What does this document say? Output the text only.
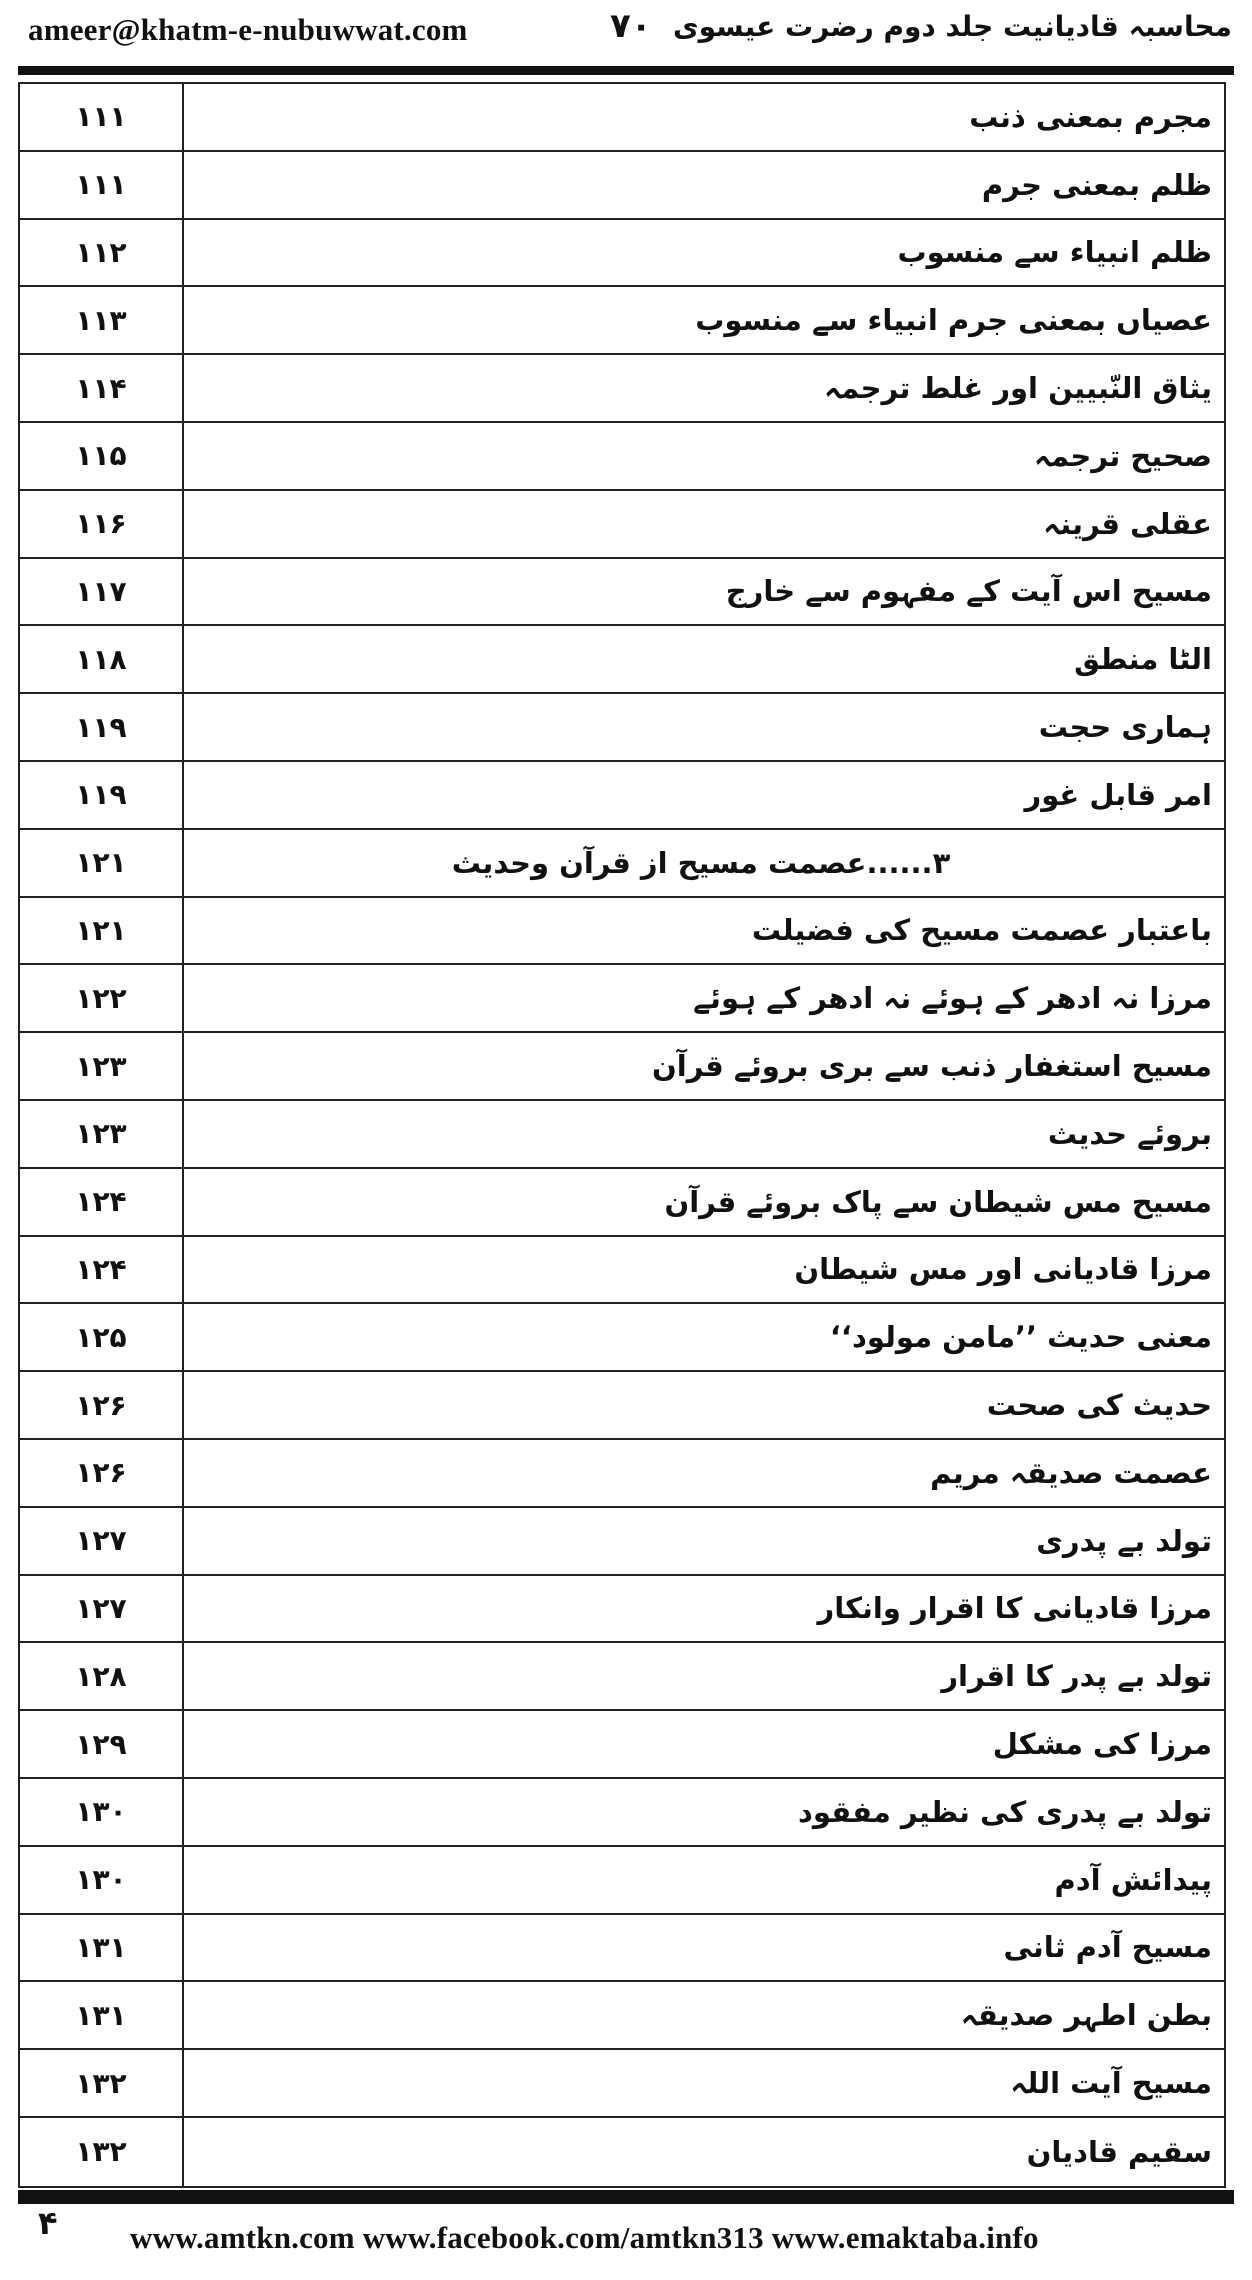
ameer@khatm-e-nubuwwat.com	۷۰ محاسبہ قادیانیت جلد دوم رضرت عیسوی
۱۱۱	مجرم بمعنی ذنب
۱۱۱	ظلم بمعنی جرم
۱۱۲	ظلم انبیاء سے منسوب
۱۱۳	عصیاں بمعنی جرم انبیاء سے منسوب
۱۱۴	یثاق النّبیین اور غلط ترجمہ
۱۱۵	صحیح ترجمہ
۱۱۶	عقلی قرینہ
۱۱۷	مسیح اس آیت کے مفہوم سے خارج
۱۱۸	الٹا منطق
۱۱۹	ہماری حجت
۱۱۹	امر قابل غور
۱۲۱	۳......عصمت مسیح از قرآن وحدیث
۱۲۱	باعتبار عصمت مسیح کی فضیلت
۱۲۲	مرزا نہ ادھر کے ہوئے نہ ادھر کے ہوئے
۱۲۳	مسیح استغفار ذنب سے بری بروئے قرآن
۱۲۳	بروئے حدیث
۱۲۴	مسیح مس شیطان سے پاک بروئے قرآن
۱۲۴	مرزا قادیانی اور مس شیطان
۱۲۵	معنی حدیث ’’مامن مولود‘‘
۱۲۶	حدیث کی صحت
۱۲۶	عصمت صدیقہ مریم
۱۲۷	تولد بے پدری
۱۲۷	مرزا قادیانی کا اقرار وانکار
۱۲۸	تولد بے پدر کا اقرار
۱۲۹	مرزا کی مشکل
۱۳۰	تولد بے پدری کی نظیر مفقود
۱۳۰	پیدائش آدم
۱۳۱	مسیح آدم ثانی
۱۳۱	بطن اطہر صدیقہ
۱۳۲	مسیح آیت اللہ
۱۳۲	سقیم قادیان
۴ www.amtkn.com www.facebook.com/amtkn313 www.emaktaba.info
